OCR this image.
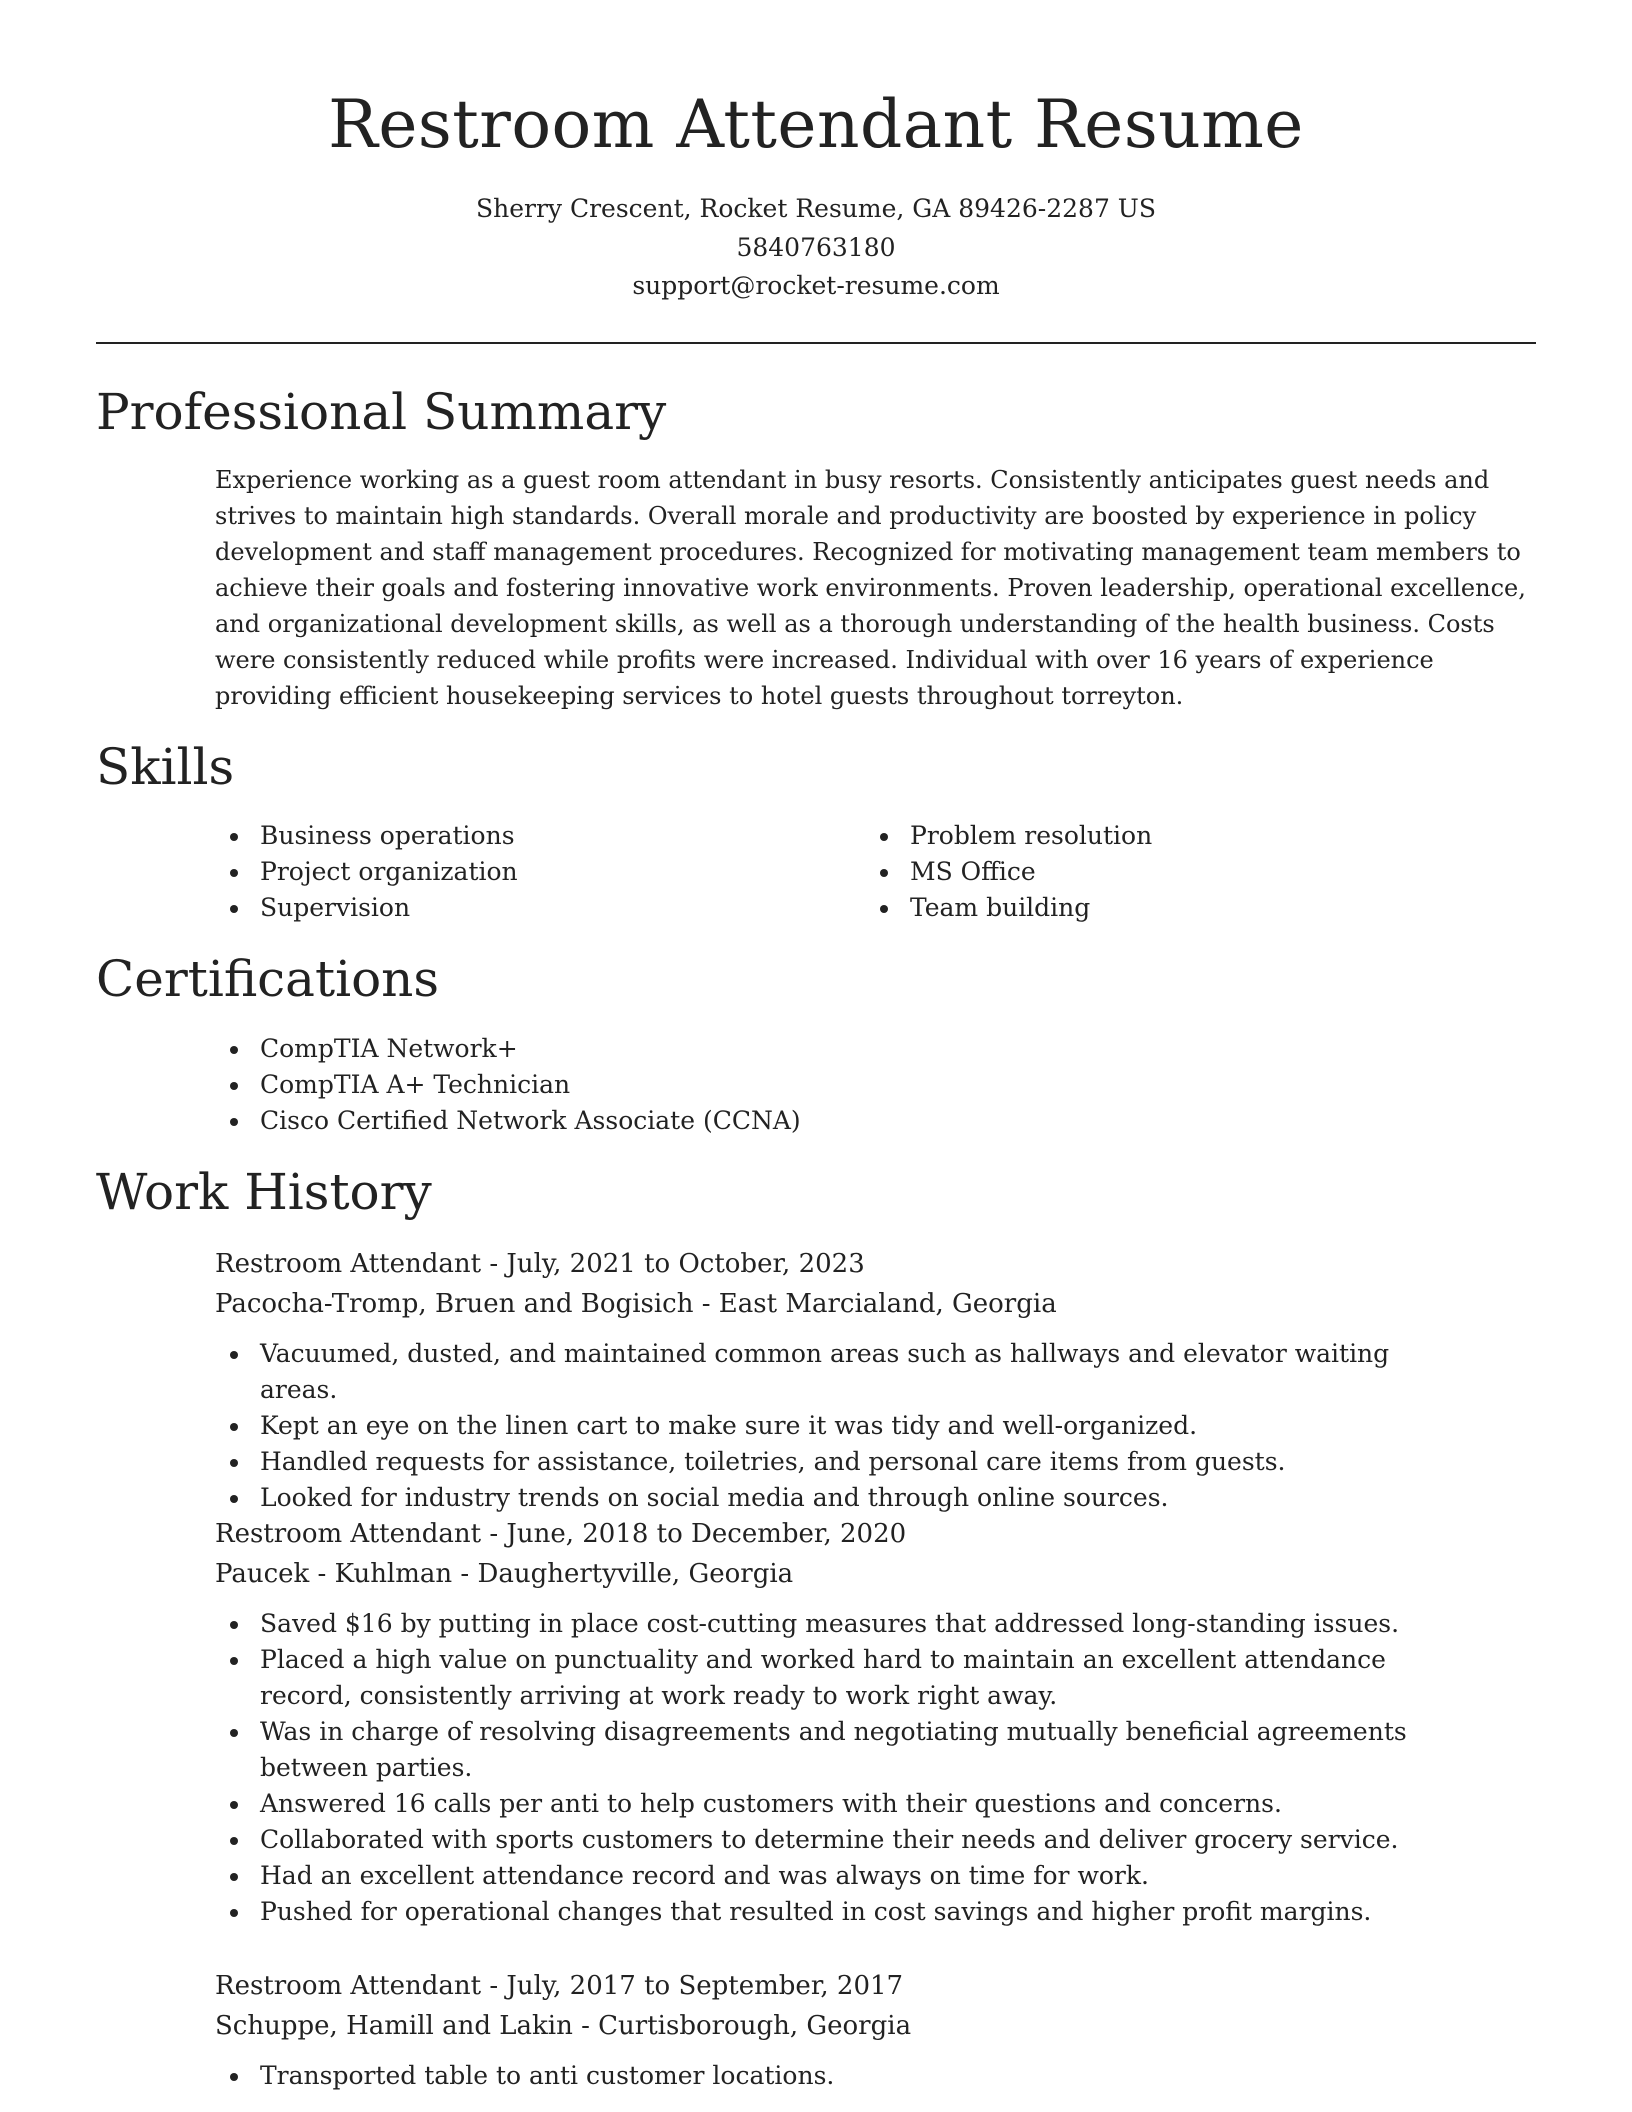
Restroom Attendant Resume
Sherry Crescent, Rocket Resume, GA 89426-2287 US
5840763180
support@rocket-resume.com
Professional Summary

Experience working as a guest room attendant in busy resorts. Consistently anticipates guest needs and strives to maintain high standards. Overall morale and productivity are boosted by experience in policy development and staff management procedures. Recognized for motivating management team members to achieve their goals and fostering innovative work environments. Proven leadership, operational excellence, and organizational development skills, as well as a thorough understanding of the health business. Costs were consistently reduced while profits were increased. Individual with over 16 years of experience providing efficient housekeeping services to hotel guests throughout torreyton.

Skills
Business operations
Project organization
Supervision
Problem resolution
MS Office
Team building
Certifications
CompTIA Network+
CompTIA A+ Technician
Cisco Certified Network Associate (CCNA)
Work History
Restroom Attendant - July, 2021 to October, 2023
Pacocha-Tromp, Bruen and Bogisich - East Marcialand, Georgia
Vacuumed, dusted, and maintained common areas such as hallways and elevator waiting areas.
Kept an eye on the linen cart to make sure it was tidy and well-organized.
Handled requests for assistance, toiletries, and personal care items from guests.
Looked for industry trends on social media and through online sources.
Restroom Attendant - June, 2018 to December, 2020
Paucek - Kuhlman - Daughertyville, Georgia
Saved $16 by putting in place cost-cutting measures that addressed long-standing issues.
Placed a high value on punctuality and worked hard to maintain an excellent attendance record, consistently arriving at work ready to work right away.
Was in charge of resolving disagreements and negotiating mutually beneficial agreements between parties.
Answered 16 calls per anti to help customers with their questions and concerns.
Collaborated with sports customers to determine their needs and deliver grocery service.
Had an excellent attendance record and was always on time for work.
Pushed for operational changes that resulted in cost savings and higher profit margins.
Restroom Attendant - July, 2017 to September, 2017
Schuppe, Hamill and Lakin - Curtisborough, Georgia
Transported table to anti customer locations.
